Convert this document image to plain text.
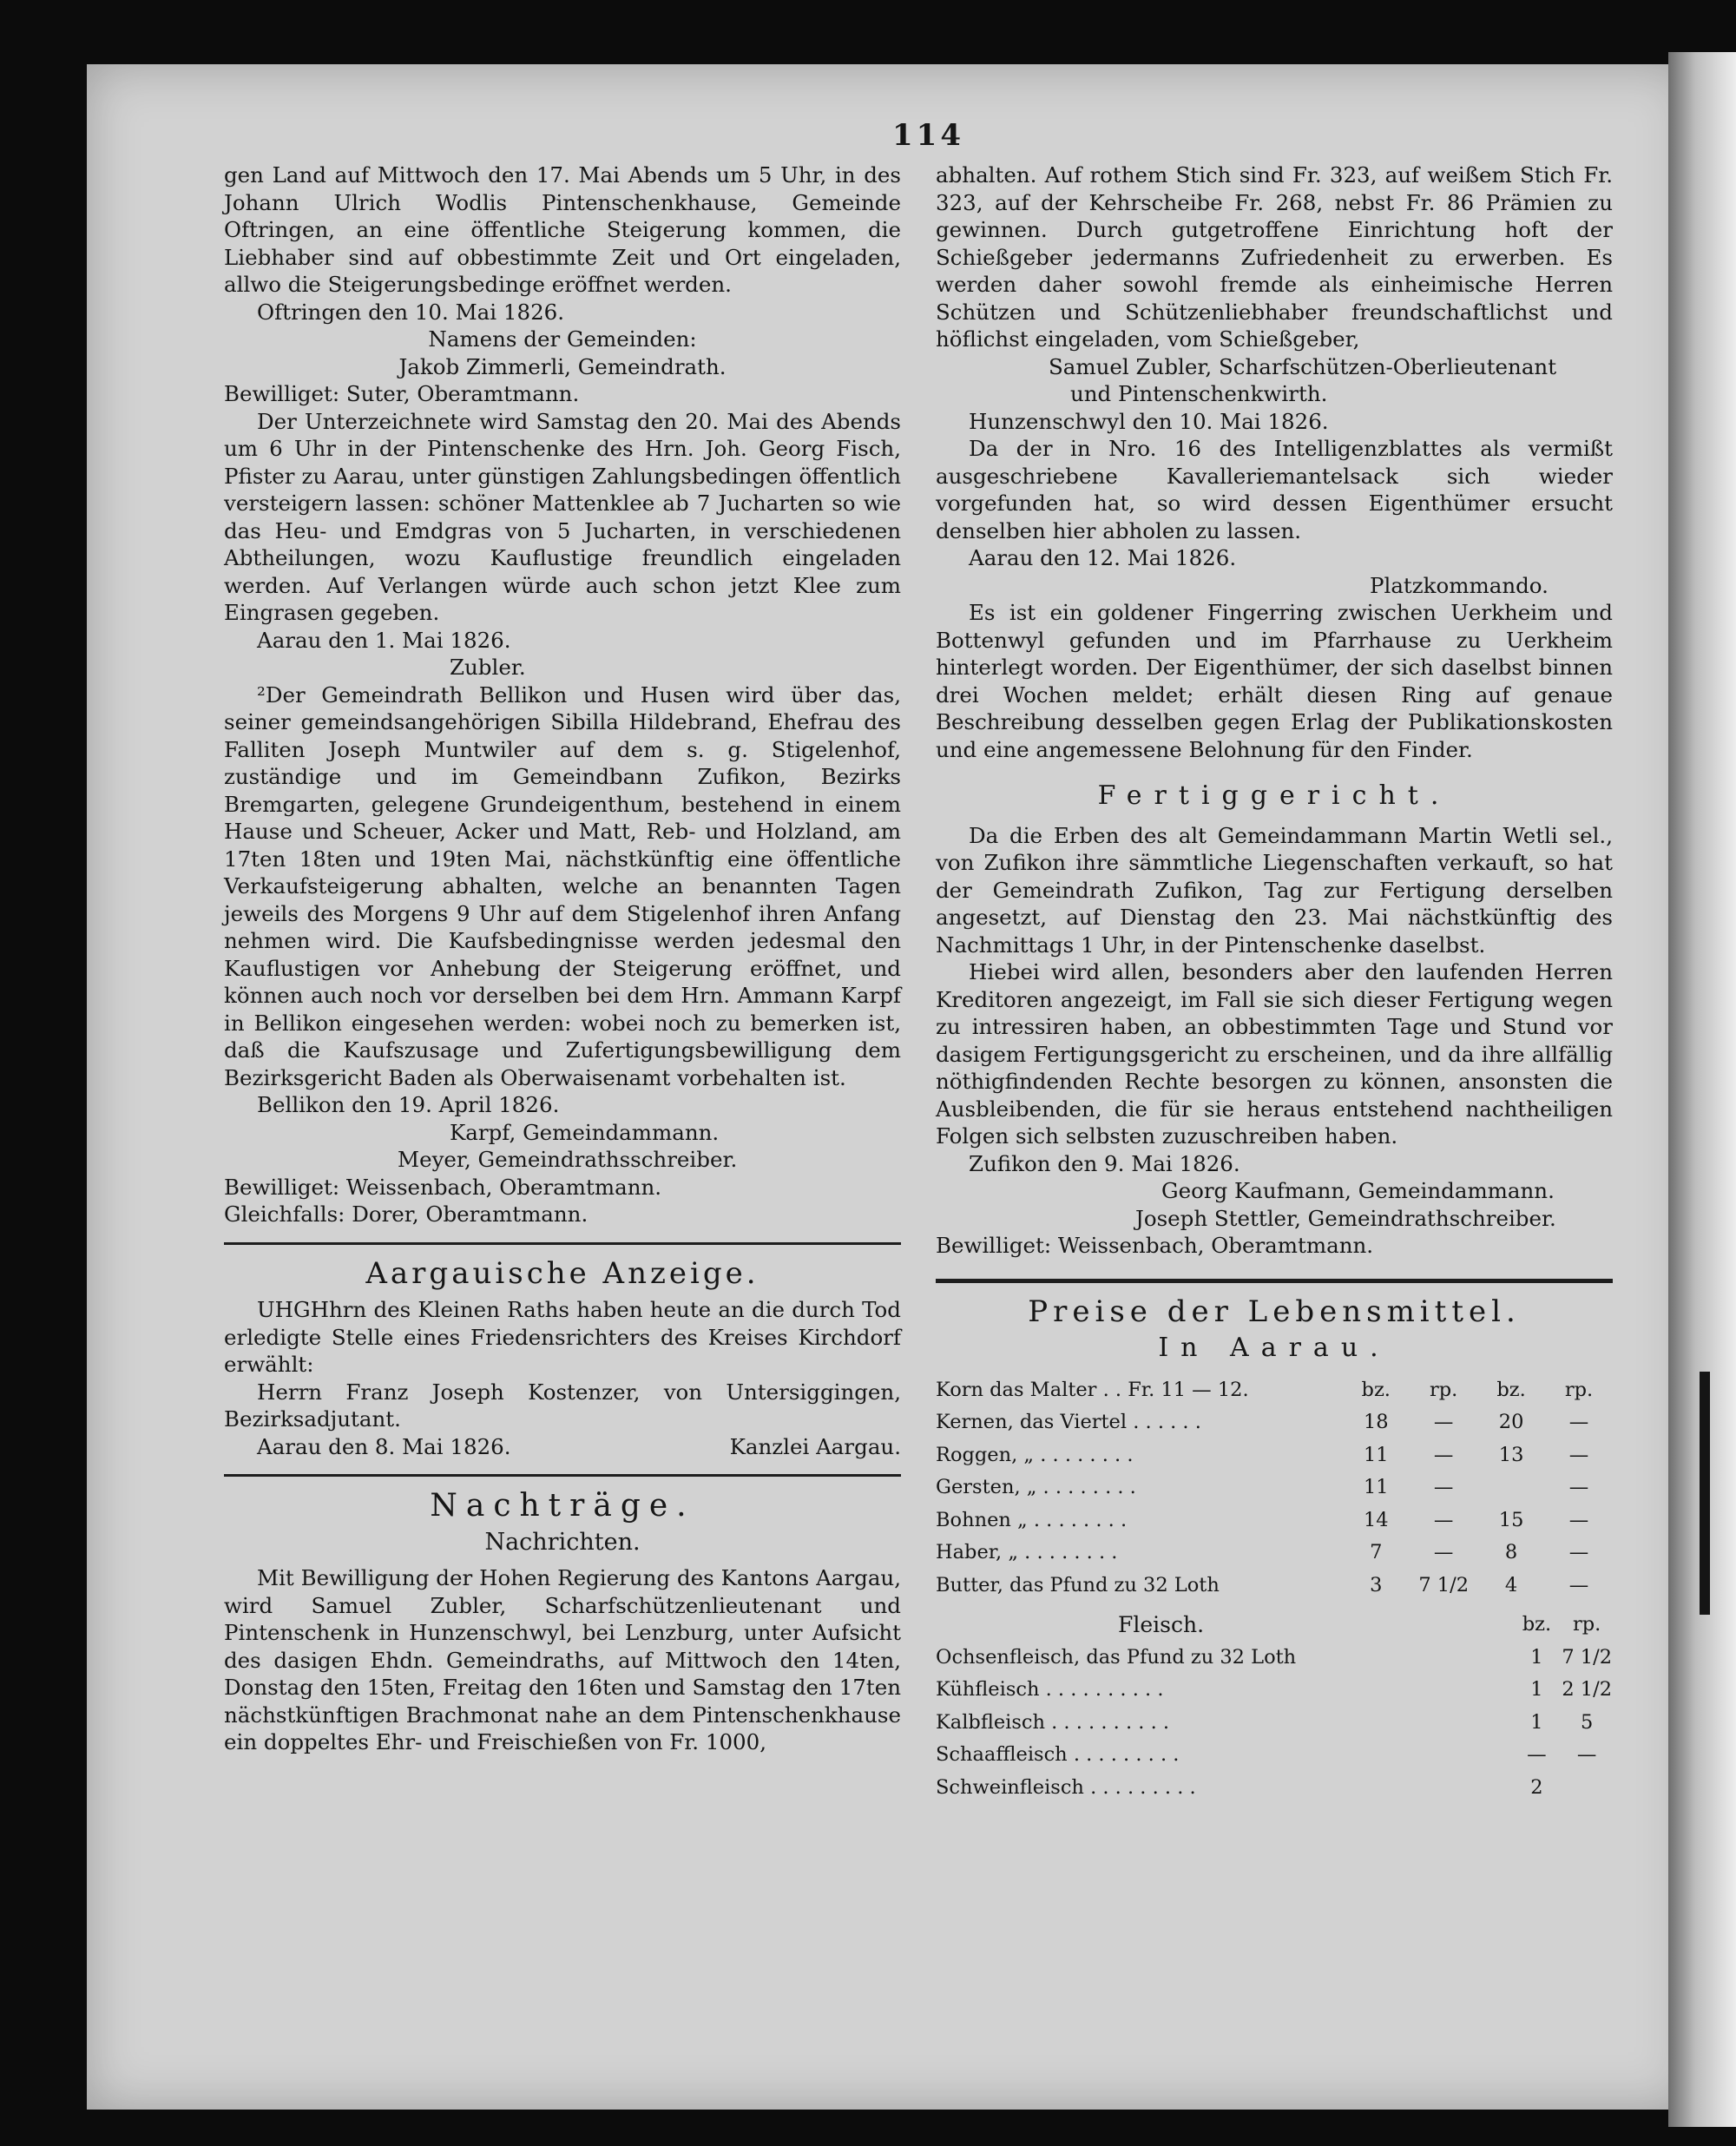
114

gen Land auf Mittwoch den 17. Mai Abends um 5 Uhr, in des Johann Ulrich Wodlis Pintenschenkhause, Gemeinde Oftringen, an eine öffentliche Steigerung kommen, die Liebhaber sind auf obbestimmte Zeit und Ort eingeladen, allwo die Steigerungsbedinge eröffnet werden.

Oftringen den 10. Mai 1826.

Namens der Gemeinden:

Jakob Zimmerli, Gemeindrath.

Bewilliget: Suter, Oberamtmann.

Der Unterzeichnete wird Samstag den 20. Mai des Abends um 6 Uhr in der Pintenschenke des Hrn. Joh. Georg Fisch, Pfister zu Aarau, unter günstigen Zahlungsbedingen öffentlich versteigern lassen: schöner Mattenklee ab 7 Jucharten so wie das Heu- und Emdgras von 5 Jucharten, in verschiedenen Abtheilungen, wozu Kauflustige freundlich eingeladen werden. Auf Verlangen würde auch schon jetzt Klee zum Eingrasen gegeben.

Aarau den 1. Mai 1826.

Zubler.

²Der Gemeindrath Bellikon und Husen wird über das, seiner gemeindsangehörigen Sibilla Hildebrand, Ehefrau des Falliten Joseph Muntwiler auf dem s. g. Stigelenhof, zuständige und im Gemeindbann Zufikon, Bezirks Bremgarten, gelegene Grundeigenthum, bestehend in einem Hause und Scheuer, Acker und Matt, Reb- und Holzland, am 17ten 18ten und 19ten Mai, nächstkünftig eine öffentliche Verkaufsteigerung abhalten, welche an benannten Tagen jeweils des Morgens 9 Uhr auf dem Stigelenhof ihren Anfang nehmen wird. Die Kaufsbedingnisse werden jedesmal den Kauflustigen vor Anhebung der Steigerung eröffnet, und können auch noch vor derselben bei dem Hrn. Ammann Karpf in Bellikon eingesehen werden: wobei noch zu bemerken ist, daß die Kaufszusage und Zufertigungsbewilligung dem Bezirksgericht Baden als Oberwaisenamt vorbehalten ist.

Bellikon den 19. April 1826.

Karpf, Gemeindammann.

Meyer, Gemeindrathsschreiber.

Bewilliget: Weissenbach, Oberamtmann.

Gleichfalls: Dorer, Oberamtmann.

Aargauische Anzeige.

UHGHhrn des Kleinen Raths haben heute an die durch Tod erledigte Stelle eines Friedensrichters des Kreises Kirchdorf erwählt:

Herrn Franz Joseph Kostenzer, von Untersiggingen, Bezirksadjutant.

Aarau den 8. Mai 1826.	Kanzlei Aargau.
Nachträge.
Nachrichten.

Mit Bewilligung der Hohen Regierung des Kantons Aargau, wird Samuel Zubler, Scharfschützenlieutenant und Pintenschenk in Hunzenschwyl, bei Lenzburg, unter Aufsicht des dasigen Ehdn. Gemeindraths, auf Mittwoch den 14ten, Donstag den 15ten, Freitag den 16ten und Samstag den 17ten nächstkünftigen Brachmonat nahe an dem Pintenschenkhause ein doppeltes Ehr- und Freischießen von Fr. 1000,

abhalten. Auf rothem Stich sind Fr. 323, auf weißem Stich Fr. 323, auf der Kehrscheibe Fr. 268, nebst Fr. 86 Prämien zu gewinnen. Durch gutgetroffene Einrichtung hoft der Schießgeber jedermanns Zufriedenheit zu erwerben. Es werden daher sowohl fremde als einheimische Herren Schützen und Schützenliebhaber freundschaftlichst und höflichst eingeladen, vom Schießgeber,

Samuel Zubler, Scharfschützen-Oberlieutenant

und Pintenschenkwirth.

Hunzenschwyl den 10. Mai 1826.

Da der in Nro. 16 des Intelligenzblattes als vermißt ausgeschriebene Kavalleriemantelsack sich wieder vorgefunden hat, so wird dessen Eigenthümer ersucht denselben hier abholen zu lassen.

Aarau den 12. Mai 1826.

Platzkommando.

Es ist ein goldener Fingerring zwischen Uerkheim und Bottenwyl gefunden und im Pfarrhause zu Uerkheim hinterlegt worden. Der Eigenthümer, der sich daselbst binnen drei Wochen meldet; erhält diesen Ring auf genaue Beschreibung desselben gegen Erlag der Publikationskosten und eine angemessene Belohnung für den Finder.

Fertiggericht.

Da die Erben des alt Gemeindammann Martin Wetli sel., von Zufikon ihre sämmtliche Liegenschaften verkauft, so hat der Gemeindrath Zufikon, Tag zur Fertigung derselben angesetzt, auf Dienstag den 23. Mai nächstkünftig des Nachmittags 1 Uhr, in der Pintenschenke daselbst.

Hiebei wird allen, besonders aber den laufenden Herren Kreditoren angezeigt, im Fall sie sich dieser Fertigung wegen zu intressiren haben, an obbestimmten Tage und Stund vor dasigem Fertigungsgericht zu erscheinen, und da ihre allfällig nöthigfindenden Rechte besorgen zu können, ansonsten die Ausbleibenden, die für sie heraus entstehend nachtheiligen Folgen sich selbsten zuzuschreiben haben.

Zufikon den 9. Mai 1826.

Georg Kaufmann, Gemeindammann.

Joseph Stettler, Gemeindrathschreiber.

Bewilliget: Weissenbach, Oberamtmann.

Preise der Lebensmittel.
In Aarau.
Korn das Malter . . Fr. 11 — 12.	bz.	rp.	bz.	rp.
Kernen, das Viertel . . . . . .	18	—	20	—
Roggen, „ . . . . . . . .	11	—	13	—
Gersten, „ . . . . . . . .	11	—		—
Bohnen „ . . . . . . . .	14	—	15	—
Haber, „ . . . . . . . .	7	—	8	—
Butter, das Pfund zu 32 Loth	3	7 1/2	4	—
Fleisch.		bz.	rp.
Ochsenfleisch, das Pfund zu 32 Loth		1	7 1/2
Kühfleisch . . . . . . . . . .		1	2 1/2
Kalbfleisch . . . . . . . . . .		1	5
Schaaffleisch . . . . . . . . .		—	—
Schweinfleisch . . . . . . . . .		2	
